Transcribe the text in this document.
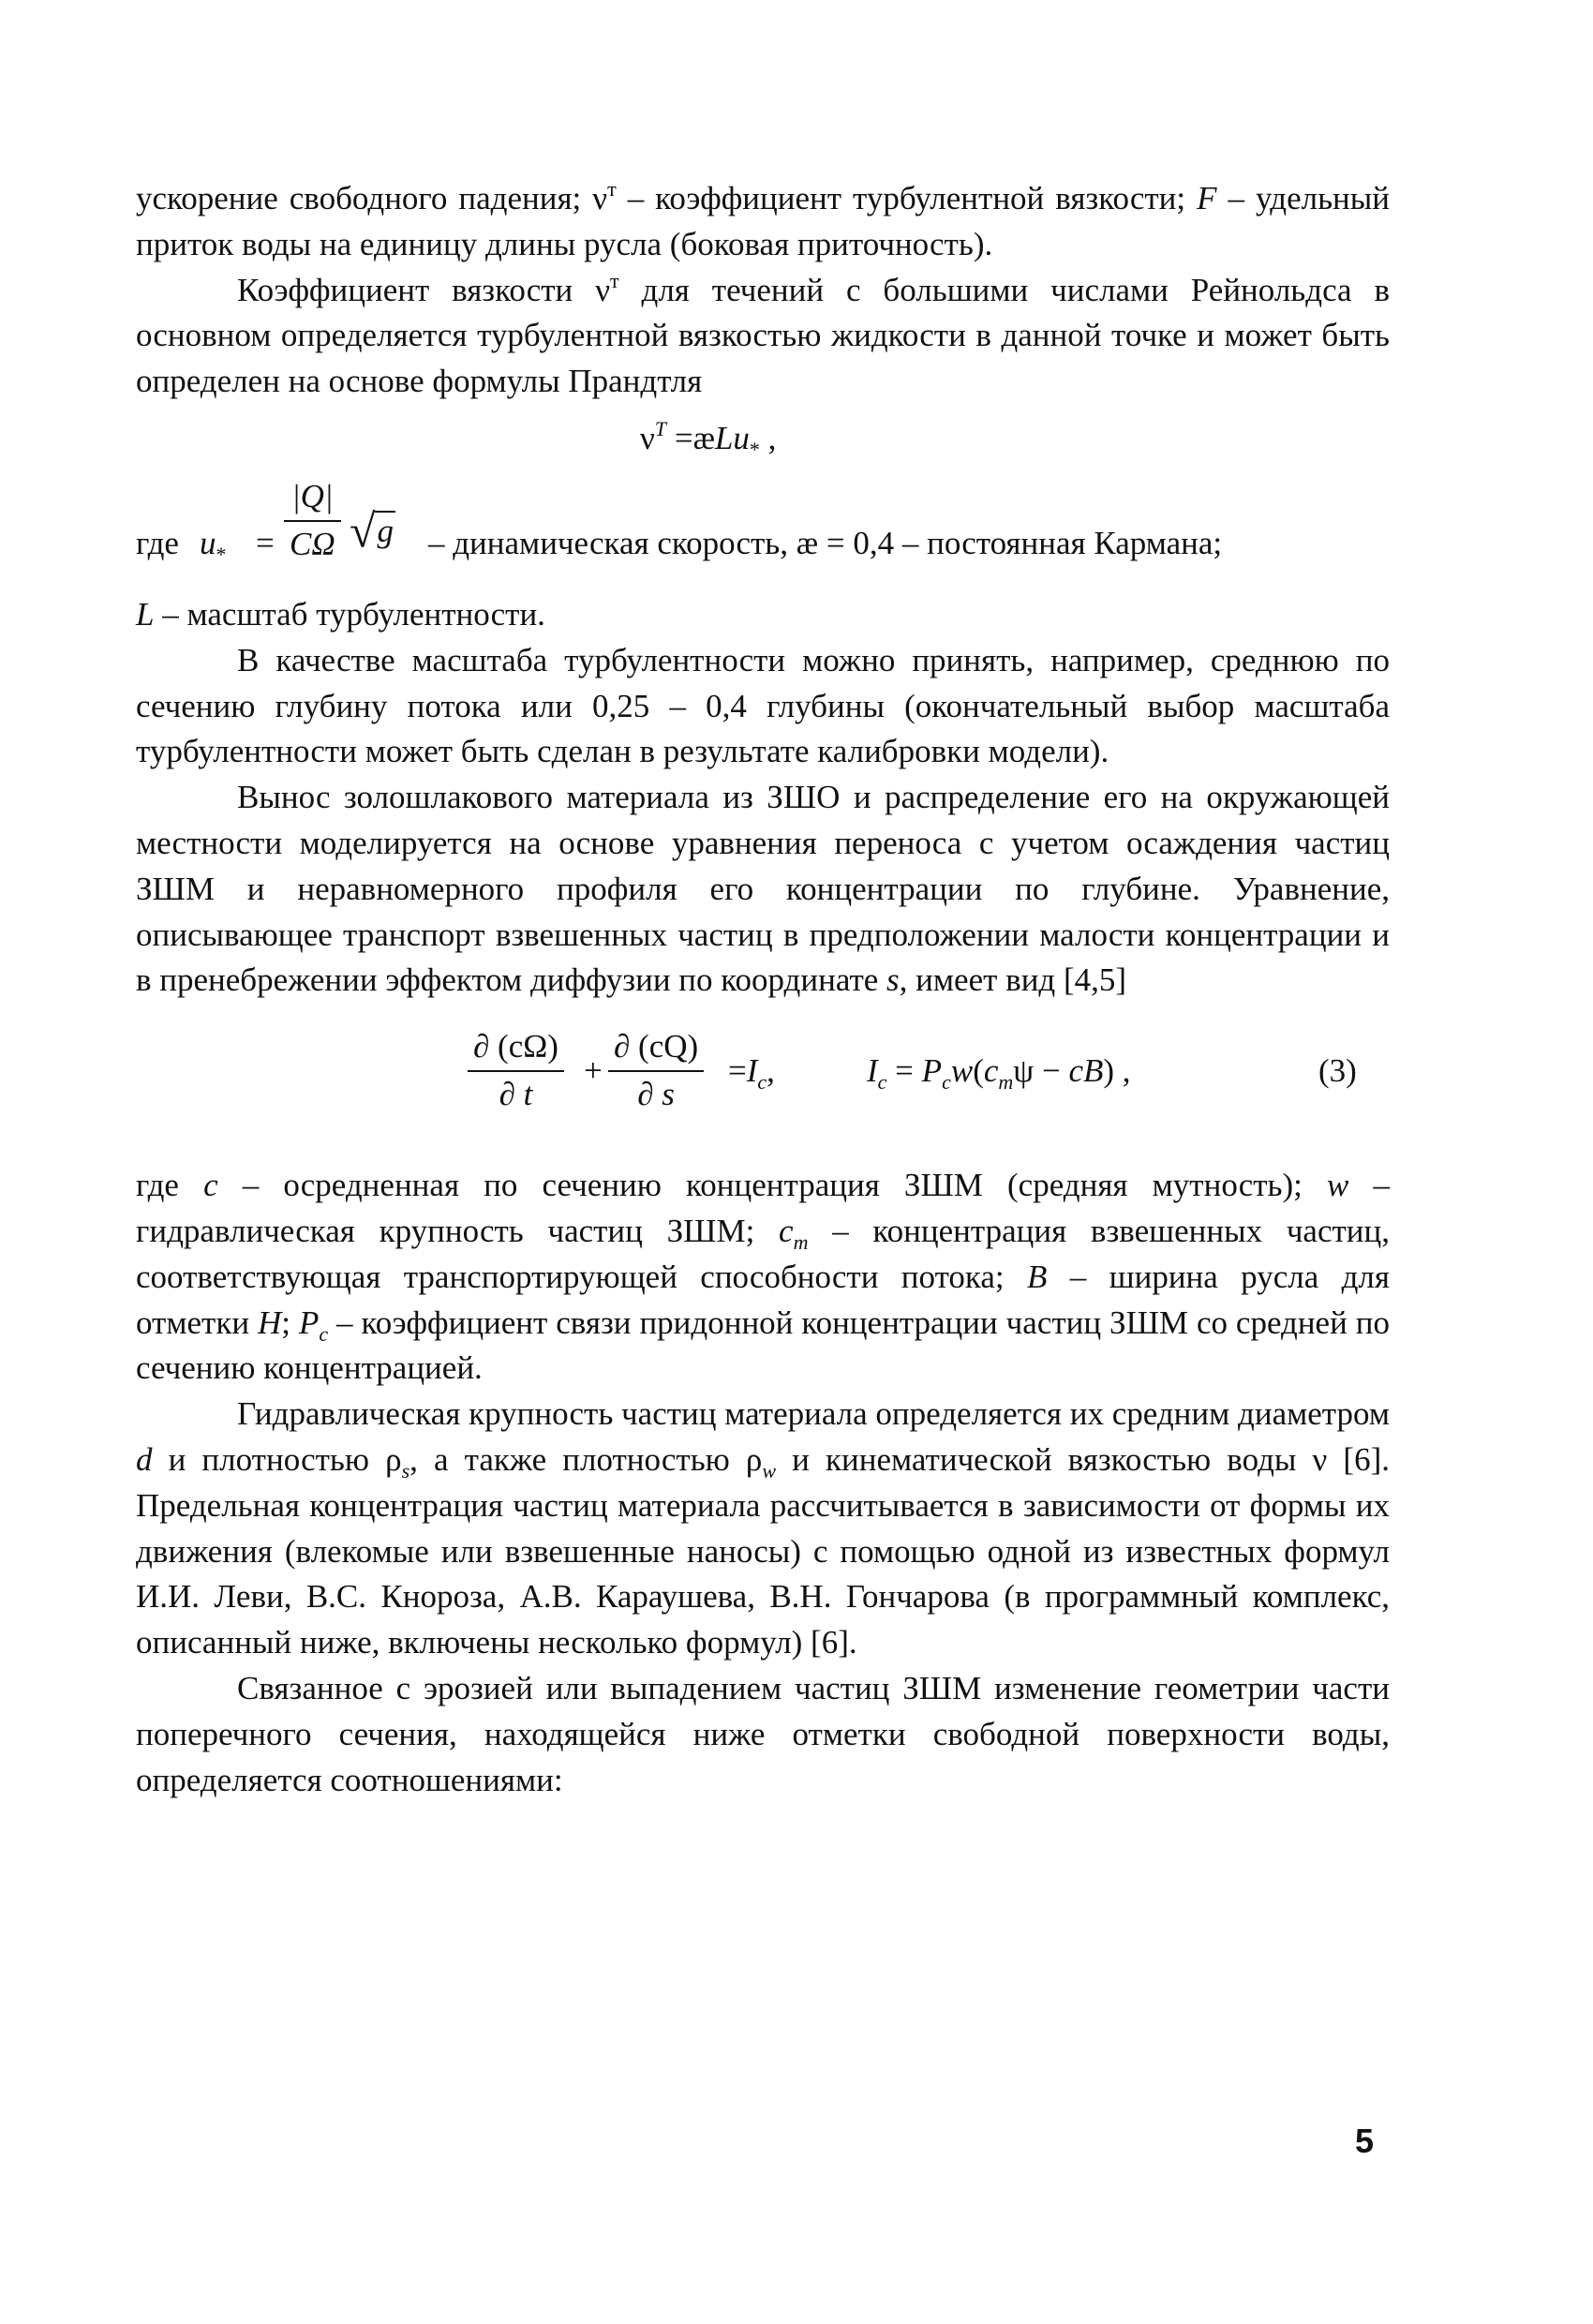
ускорение свободного падения; $\nu^т$ – коэффициент турбулентной вязкости; F – удельный приток воды на единицу длины русла (боковая приточность).

Коэффициент вязкости $\nu^т$ для течений с большими числами Рейнольдса в основном определяется турбулентной вязкостью жидкости в данной точке и может быть определен на основе формулы Прандтля

$\nu^T$ =æLu$_*$ ,
где $u_* = \frac{|Q|}{C\Omega} √g$ – динамическая скорость, æ = 0,4 – постоянная Кармана;

L – масштаб турбулентности.

В качестве масштаба турбулентности можно принять, например, среднюю по сечению глубину потока или 0,25 – 0,4 глубины (окончательный выбор масштаба турбулентности может быть сделан в результате калибровки модели).

Вынос золошлакового материала из ЗШО и распределение его на окружающей местности моделируется на основе уравнения переноса с учетом осаждения частиц ЗШМ и неравномерного профиля его концентрации по глубине. Уравнение, описывающее транспорт взвешенных частиц в предположении малости концентрации и в пренебрежении эффектом диффузии по координате s, имеет вид [4,5]

$\frac{\partial (c\Omega)}{\partial t} + \frac{\partial (cQ)}{\partial s} =I_c$,	$I_c = P_cw(c_m\psi - cB)$ ,	(3)

где c – осредненная по сечению концентрация ЗШМ (средняя мутность); w – гидравлическая крупность частиц ЗШМ; $c_m$ – концентрация взвешенных частиц, соответствующая транспортирующей способности потока; B – ширина русла для отметки H; $P_c$ – коэффициент связи придонной концентрации частиц ЗШМ со средней по сечению концентрацией.

Гидравлическая крупность частиц материала определяется их средним диаметром d и плотностью $\rho_s$, а также плотностью $\rho_w$ и кинематической вязкостью воды ν [6]. Предельная концентрация частиц материала рассчитывается в зависимости от формы их движения (влекомые или взвешенные наносы) с помощью одной из известных формул И.И. Леви, В.С. Кнороза, А.В. Караушева, В.Н. Гончарова (в программный комплекс, описанный ниже, включены несколько формул) [6].

Связанное с эрозией или выпадением частиц ЗШМ изменение геометрии части поперечного сечения, находящейся ниже отметки свободной поверхности воды, определяется соотношениями:

5
